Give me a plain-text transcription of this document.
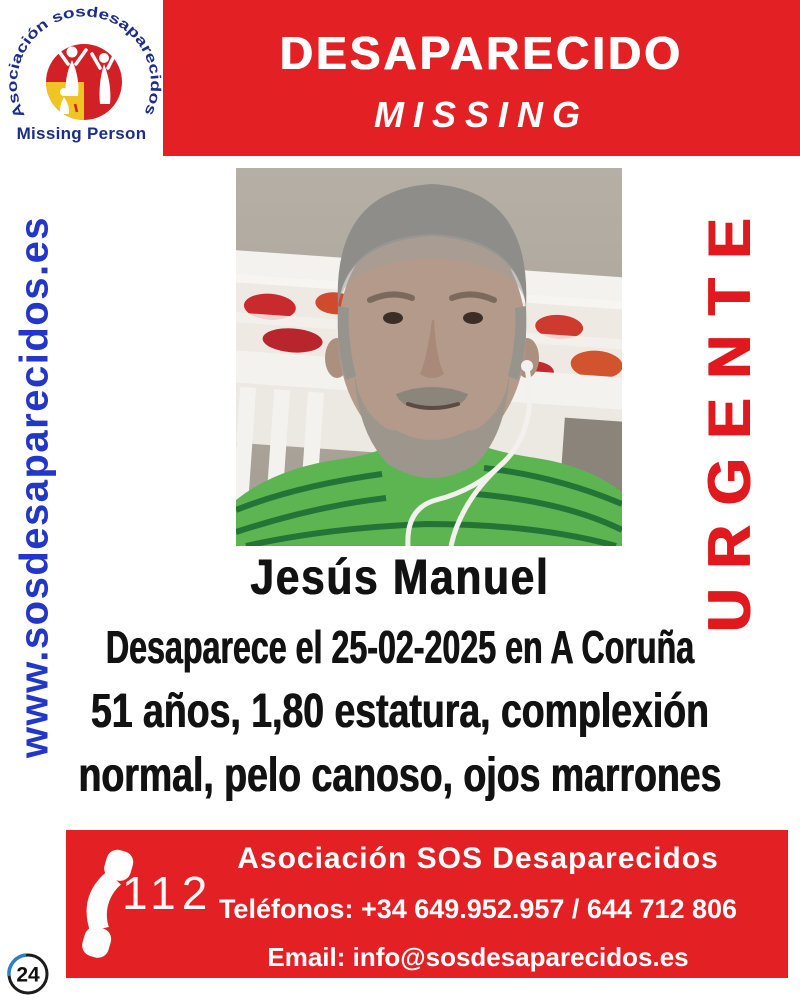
Asociación sosdesaparecidos
Missing Person
DESAPARECIDO
MISSING
www.sosdesaparecidos.es	URGENTE
Jesús Manuel
Desaparece el 25-02-2025 en A Coruña
51 años, 1,80 estatura, complexión
normal, pelo canoso, ojos marrones
112
Asociación SOS Desaparecidos
Teléfonos: +34 649.952.957 / 644 712 806
Email: info@sosdesaparecidos.es
24
